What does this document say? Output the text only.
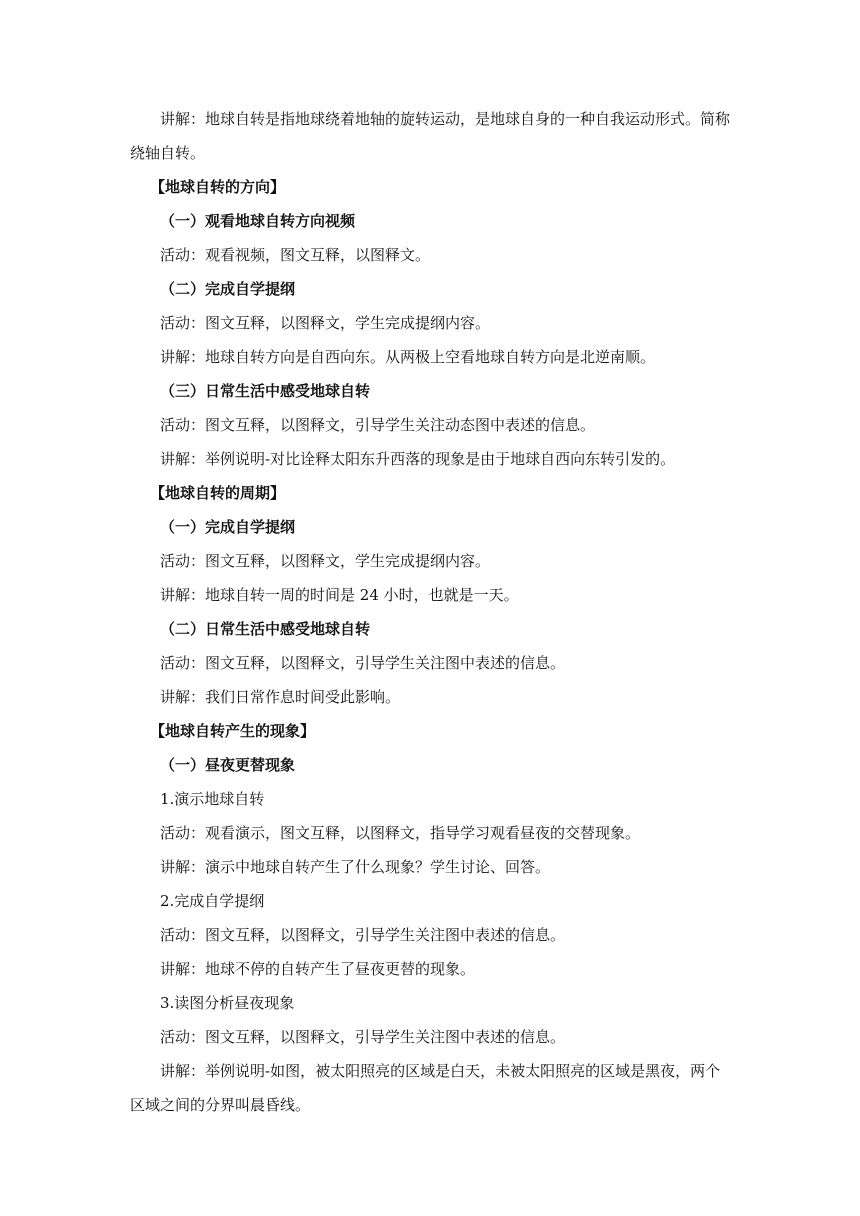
讲解：地球自转是指地球绕着地轴的旋转运动，是地球自身的一种自我运动形式。简称
绕轴自转。
【地球自转的方向】
（一）观看地球自转方向视频
活动：观看视频，图文互释，以图释文。
（二）完成自学提纲
活动：图文互释，以图释文，学生完成提纲内容。
讲解：地球自转方向是自西向东。从两极上空看地球自转方向是北逆南顺。
（三）日常生活中感受地球自转
活动：图文互释，以图释文，引导学生关注动态图中表述的信息。
讲解：举例说明-对比诠释太阳东升西落的现象是由于地球自西向东转引发的。
【地球自转的周期】
（一）完成自学提纲
活动：图文互释，以图释文，学生完成提纲内容。
讲解：地球自转一周的时间是 24 小时，也就是一天。
（二）日常生活中感受地球自转
活动：图文互释，以图释文，引导学生关注图中表述的信息。
讲解：我们日常作息时间受此影响。
【地球自转产生的现象】
（一）昼夜更替现象
1.演示地球自转
活动：观看演示，图文互释，以图释文，指导学习观看昼夜的交替现象。
讲解：演示中地球自转产生了什么现象？学生讨论、回答。
2.完成自学提纲
活动：图文互释，以图释文，引导学生关注图中表述的信息。
讲解：地球不停的自转产生了昼夜更替的现象。
3.读图分析昼夜现象
活动：图文互释，以图释文，引导学生关注图中表述的信息。
讲解：举例说明-如图，被太阳照亮的区域是白天，未被太阳照亮的区域是黑夜，两个
区域之间的分界叫晨昏线。
